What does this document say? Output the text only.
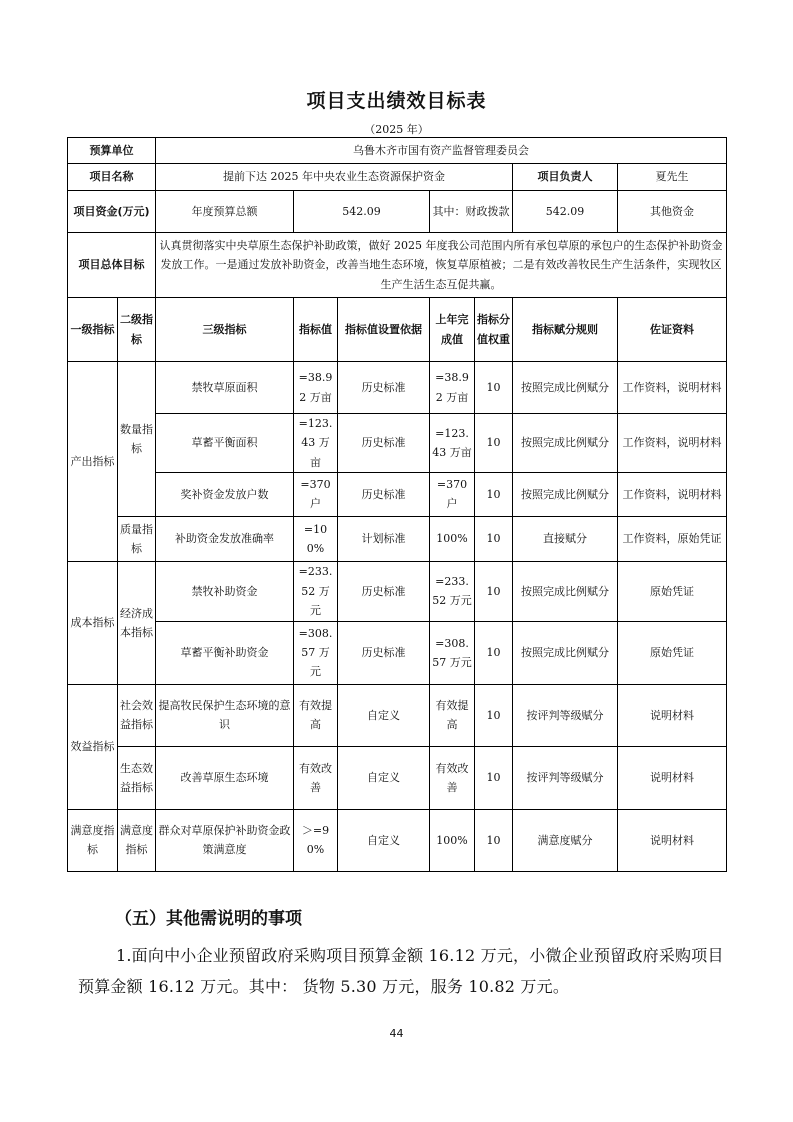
项目支出绩效目标表
（2025 年）
预算单位		乌鲁木齐市国有资产监督管理委员会						
项目名称		提前下达 2025 年中央农业生态资源保护资金					项目负责人	夏先生
项目资金(万元)		年度预算总额	542.09		其中：财政拨款		542.09	其他资金
项目总体目标		认真贯彻落实中央草原生态保护补助政策，做好 2025 年度我公司范围内所有承包草原的承包户的生态保护补助资金发放工作。一是通过发放补助资金，改善当地生态环境，恢复草原植被；二是有效改善牧民生产生活条件，实现牧区生产生活生态互促共赢。						
一级指标	二级指标	三级指标	指标值	指标值设置依据	上年完成值	指标分值权重	指标赋分规则	佐证资料
产出指标	数量指标	禁牧草原面积	=38.92 万亩	历史标准	=38.92 万亩	10	按照完成比例赋分	工作资料，说明材料
		草蓄平衡面积	=123.43 万亩	历史标准	=123.43 万亩	10	按照完成比例赋分	工作资料，说明材料
		奖补资金发放户数	=370 户	历史标准	=370 户	10	按照完成比例赋分	工作资料，说明材料
	质量指标	补助资金发放准确率	=100%	计划标准	100%	10	直接赋分	工作资料，原始凭证
成本指标	经济成本指标	禁牧补助资金	=233.52 万元	历史标准	=233.52 万元	10	按照完成比例赋分	原始凭证
		草蓄平衡补助资金	=308.57 万元	历史标准	=308.57 万元	10	按照完成比例赋分	原始凭证
效益指标	社会效益指标	提高牧民保护生态环境的意识	有效提高	自定义	有效提高	10	按评判等级赋分	说明材料
	生态效益指标	改善草原生态环境	有效改善	自定义	有效改善	10	按评判等级赋分	说明材料
满意度指标	满意度指标	群众对草原保护补助资金政策满意度	＞=90%	自定义	100%	10	满意度赋分	说明材料
（五）其他需说明的事项
1.面向中小企业预留政府采购项目预算金额 16.12 万元，小微企业预留政府采购项目预算金额 16.12 万元。其中： 货物 5.30 万元，服务 10.82 万元。
44
